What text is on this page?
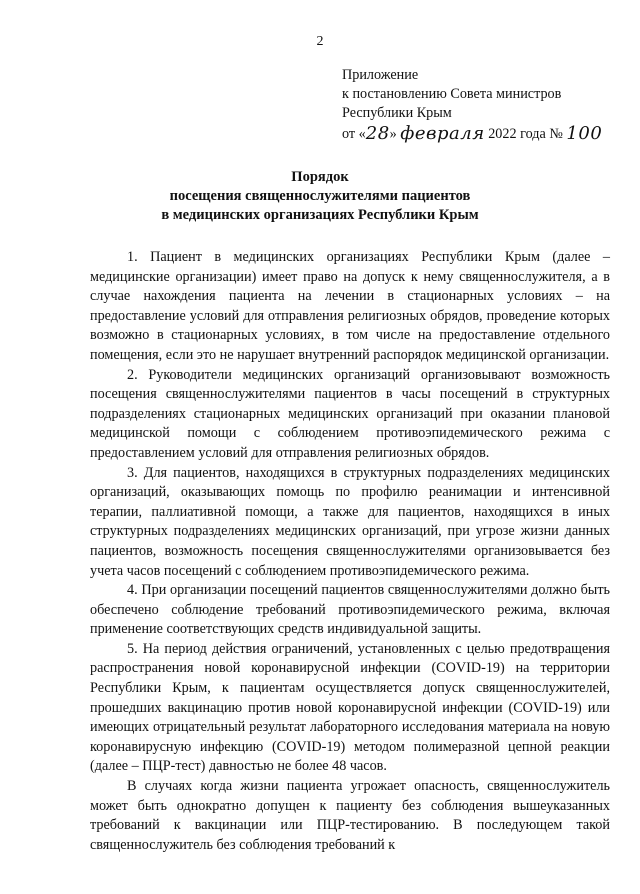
2
Приложение
к постановлению Совета министров
Республики Крым
от «28» февраля 2022 года № 100
Порядок
посещения священнослужителями пациентов
в медицинских организациях Республики Крым

1. Пациент в медицинских организациях Республики Крым (далее – медицинские организации) имеет право на допуск к нему священнослужителя, а в случае нахождения пациента на лечении в стационарных условиях – на предоставление условий для отправления религиозных обрядов, проведение которых возможно в стационарных условиях, в том числе на предоставление отдельного помещения, если это не нарушает внутренний распорядок медицинской организации.

2. Руководители медицинских организаций организовывают возможность посещения священнослужителями пациентов в часы посещений в структурных подразделениях стационарных медицинских организаций при оказании плановой медицинской помощи с соблюдением противоэпидемического режима с предоставлением условий для отправления религиозных обрядов.

3. Для пациентов, находящихся в структурных подразделениях медицинских организаций, оказывающих помощь по профилю реанимации и интенсивной терапии, паллиативной помощи, а также для пациентов, находящихся в иных структурных подразделениях медицинских организаций, при угрозе жизни данных пациентов, возможность посещения священнослужителями организовывается без учета часов посещений с соблюдением противоэпидемического режима.

4. При организации посещений пациентов священнослужителями должно быть обеспечено соблюдение требований противоэпидемического режима, включая применение соответствующих средств индивидуальной защиты.

5. На период действия ограничений, установленных с целью предотвращения распространения новой коронавирусной инфекции (COVID-19) на территории Республики Крым, к пациентам осуществляется допуск священнослужителей, прошедших вакцинацию против новой коронавирусной инфекции (COVID-19) или имеющих отрицательный результат лабораторного исследования материала на новую коронавирусную инфекцию (COVID-19) методом полимеразной цепной реакции (далее – ПЦР-тест) давностью не более 48 часов.

В случаях когда жизни пациента угрожает опасность, священнослужитель может быть однократно допущен к пациенту без соблюдения вышеуказанных требований к вакцинации или ПЦР-тестированию. В последующем такой священнослужитель без соблюдения требований к
